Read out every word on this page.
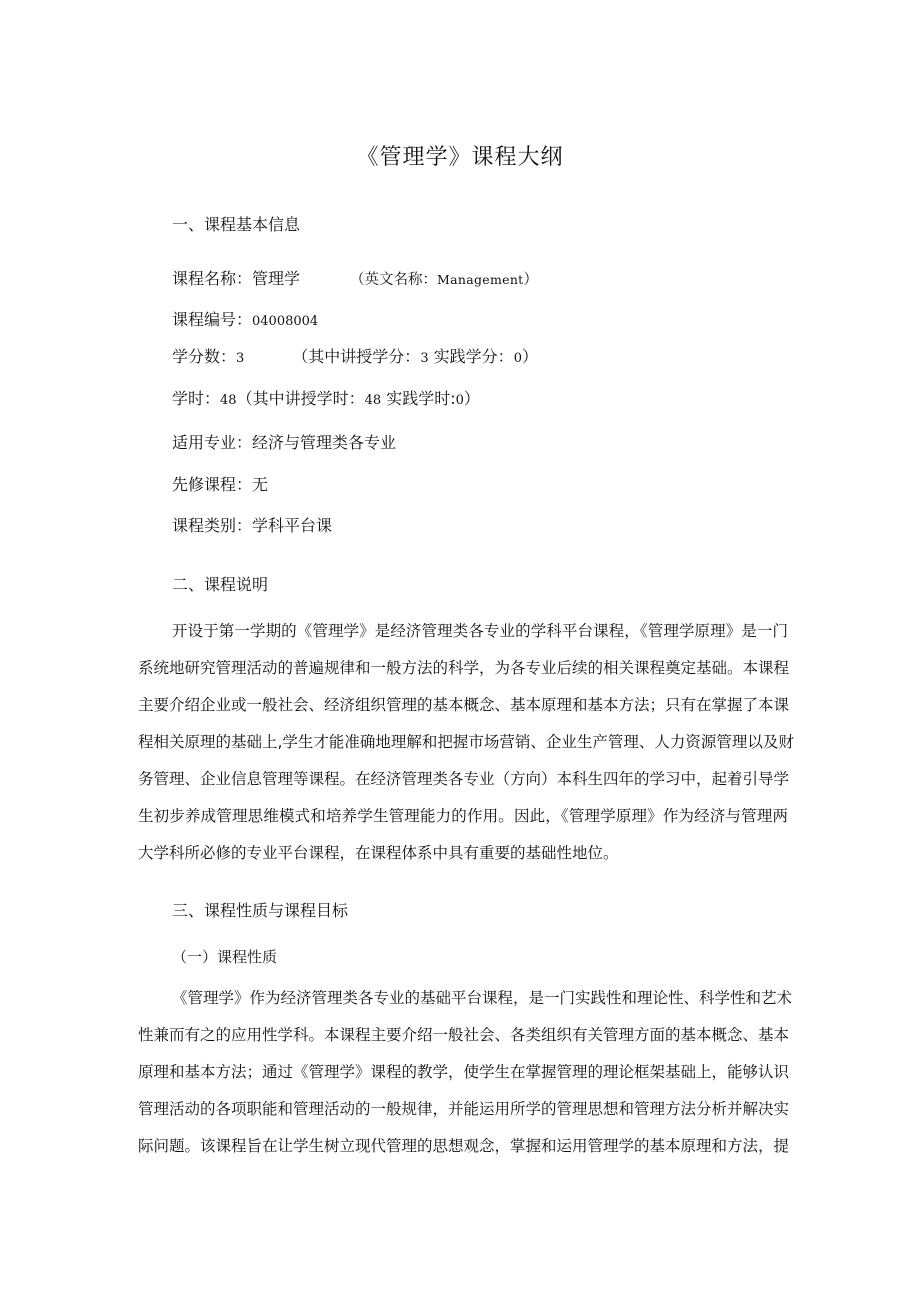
《管理学》课程大纲
一、课程基本信息
课程名称：管理学	（英文名称：Management）
课程编号：04008004
学分数：3	（其中讲授学分：3 实践学分：0）
学时：48（其中讲授学时：48 实践学时:0）
适用专业：经济与管理类各专业
先修课程：无
课程类别：学科平台课
二、课程说明
开设于第一学期的《管理学》是经济管理类各专业的学科平台课程，《管理学原理》是一门
系统地研究管理活动的普遍规律和一般方法的科学，为各专业后续的相关课程奠定基础。本课程
主要介绍企业或一般社会、经济组织管理的基本概念、基本原理和基本方法；只有在掌握了本课
程相关原理的基础上,学生才能准确地理解和把握市场营销、企业生产管理、人力资源管理以及财
务管理、企业信息管理等课程。在经济管理类各专业（方向）本科生四年的学习中，起着引导学
生初步养成管理思维模式和培养学生管理能力的作用。因此，《管理学原理》作为经济与管理两
大学科所必修的专业平台课程，在课程体系中具有重要的基础性地位。
三、课程性质与课程目标
（一）课程性质
《管理学》作为经济管理类各专业的基础平台课程，是一门实践性和理论性、科学性和艺术
性兼而有之的应用性学科。本课程主要介绍一般社会、各类组织有关管理方面的基本概念、基本
原理和基本方法；通过《管理学》课程的教学，使学生在掌握管理的理论框架基础上，能够认识
管理活动的各项职能和管理活动的一般规律，并能运用所学的管理思想和管理方法分析并解决实
际问题。该课程旨在让学生树立现代管理的思想观念，掌握和运用管理学的基本原理和方法，提
